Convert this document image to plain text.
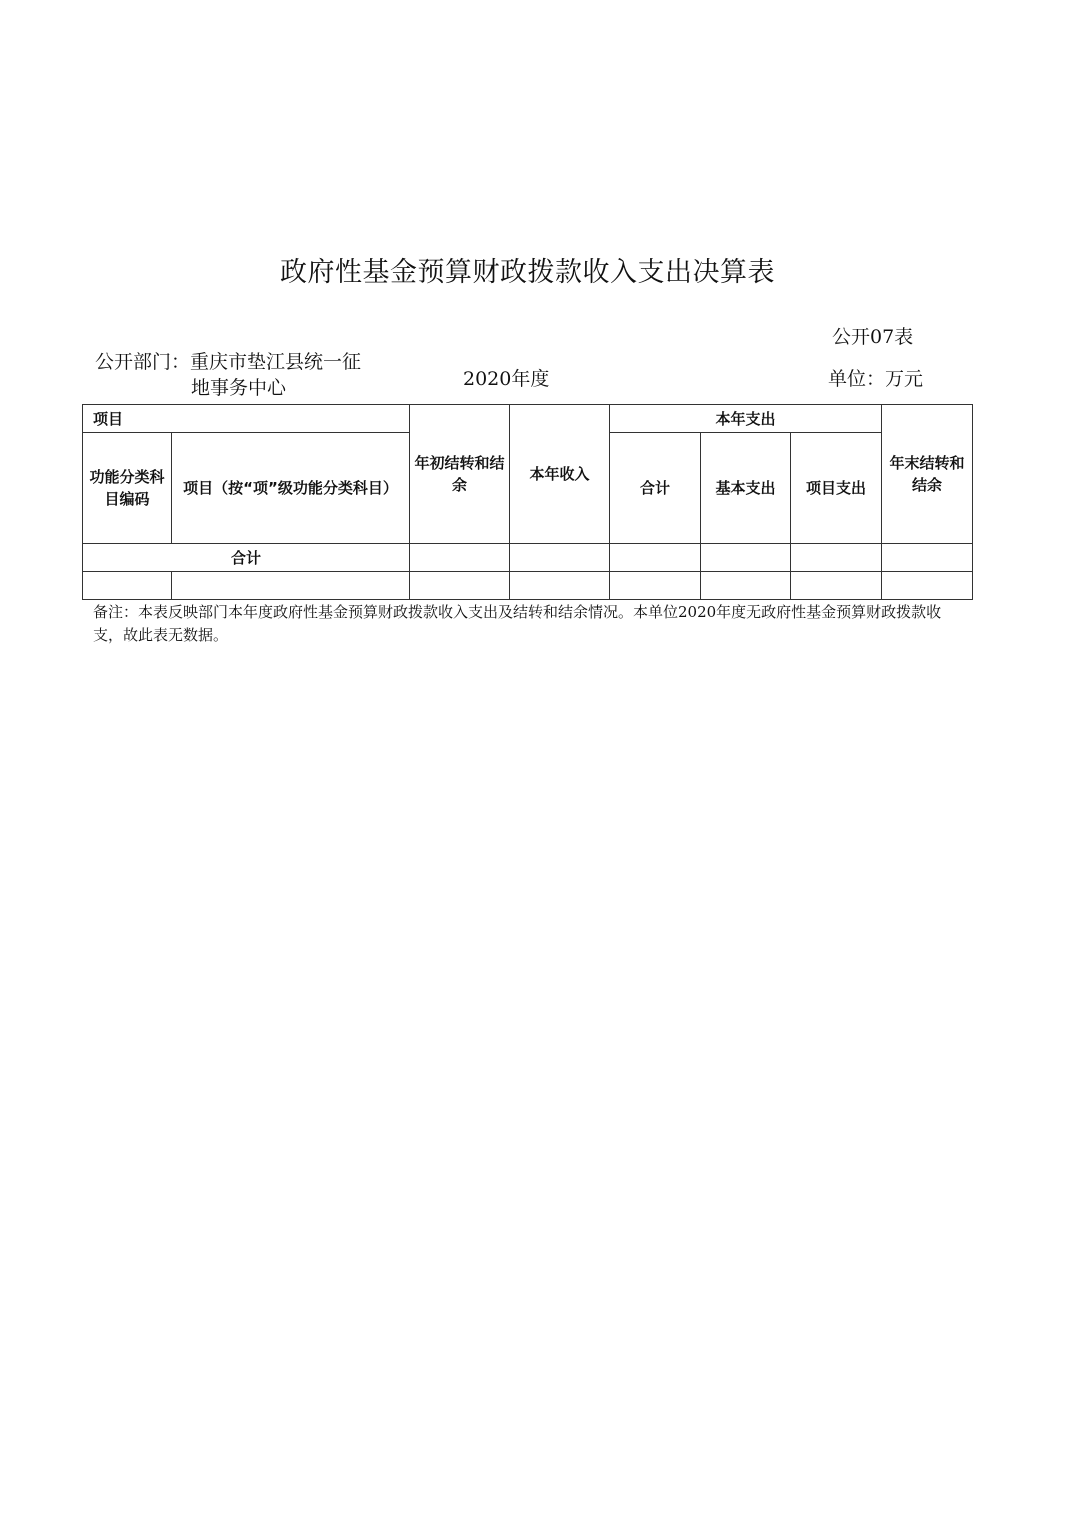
政府性基金预算财政拨款收入支出决算表
公开07表
公开部门：重庆市垫江县统一征
地事务中心	2020年度	单位：万元
项目		年初结转和结余	本年收入	本年支出			年末结转和结余
功能分类科目编码	项目（按“项”级功能分类科目）			合计	基本支出	项目支出	
合计							

备注：本表反映部门本年度政府性基金预算财政拨款收入支出及结转和结余情况。本单位2020年度无政府性基金预算财政拨款收支，故此表无数据。
